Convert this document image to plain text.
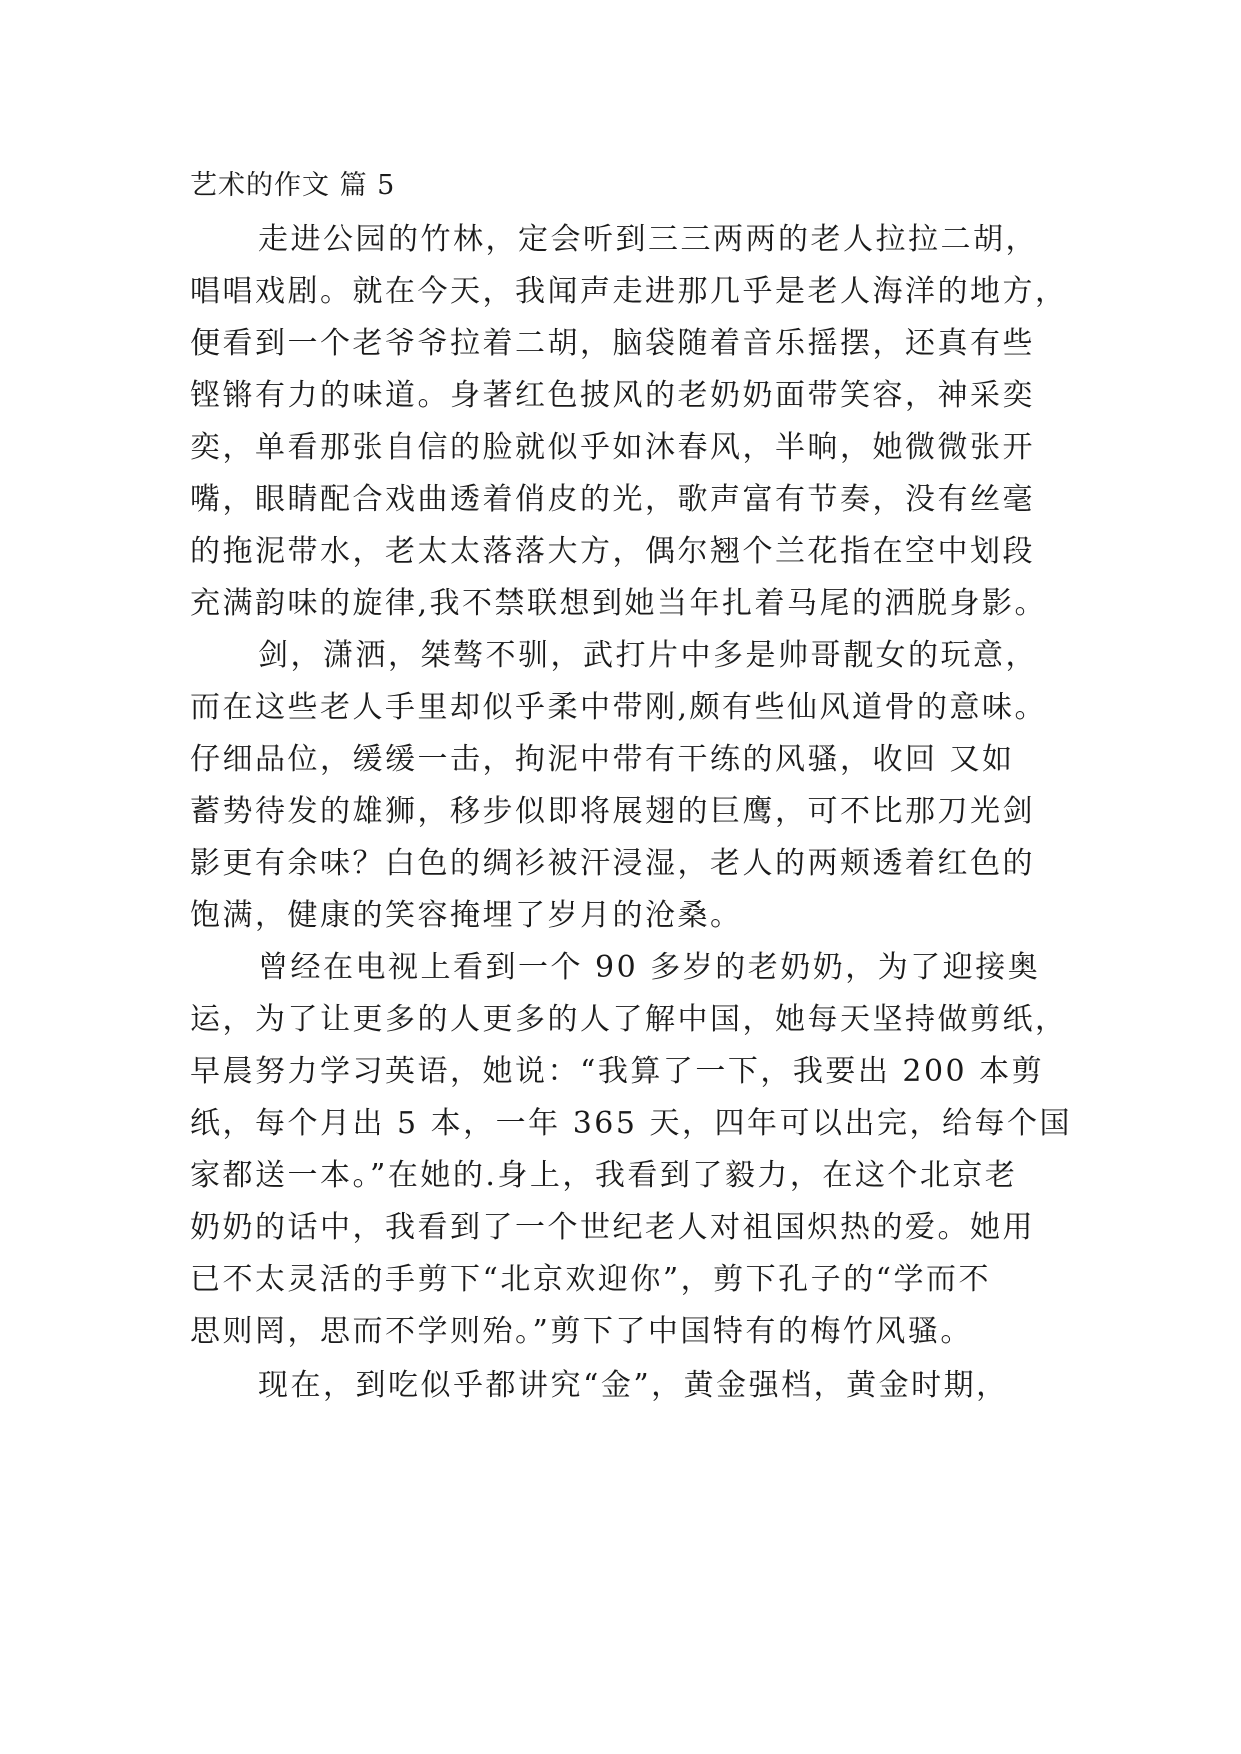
艺术的作文 篇 5
走进公园的竹林，定会听到三三两两的老人拉拉二胡，
唱唱戏剧。就在今天，我闻声走进那几乎是老人海洋的地方，
便看到一个老爷爷拉着二胡，脑袋随着音乐摇摆，还真有些
铿锵有力的味道。身著红色披风的老奶奶面带笑容，神采奕
奕，单看那张自信的脸就似乎如沐春风，半晌，她微微张开
嘴，眼睛配合戏曲透着俏皮的光，歌声富有节奏，没有丝毫
的拖泥带水，老太太落落大方，偶尔翘个兰花指在空中划段
充满韵味的旋律,我不禁联想到她当年扎着马尾的洒脱身影。
剑，潇洒，桀骜不驯，武打片中多是帅哥靓女的玩意，
而在这些老人手里却似乎柔中带刚,颇有些仙风道骨的意味。
仔细品位，缓缓一击，拘泥中带有干练的风骚，收回 又如
蓄势待发的雄狮，移步似即将展翅的巨鹰，可不比那刀光剑
影更有余味？白色的绸衫被汗浸湿，老人的两颊透着红色的
饱满，健康的笑容掩埋了岁月的沧桑。
曾经在电视上看到一个 90 多岁的老奶奶，为了迎接奥
运，为了让更多的人更多的人了解中国，她每天坚持做剪纸，
早晨努力学习英语，她说：“我算了一下，我要出 200 本剪
纸，每个月出 5 本，一年 365 天，四年可以出完，给每个国
家都送一本。”在她的.身上，我看到了毅力，在这个北京老
奶奶的话中，我看到了一个世纪老人对祖国炽热的爱。她用
已不太灵活的手剪下“北京欢迎你”，剪下孔子的“学而不
思则罔，思而不学则殆。”剪下了中国特有的梅竹风骚。
现在，到吃似乎都讲究“金”，黄金强档，黄金时期，
